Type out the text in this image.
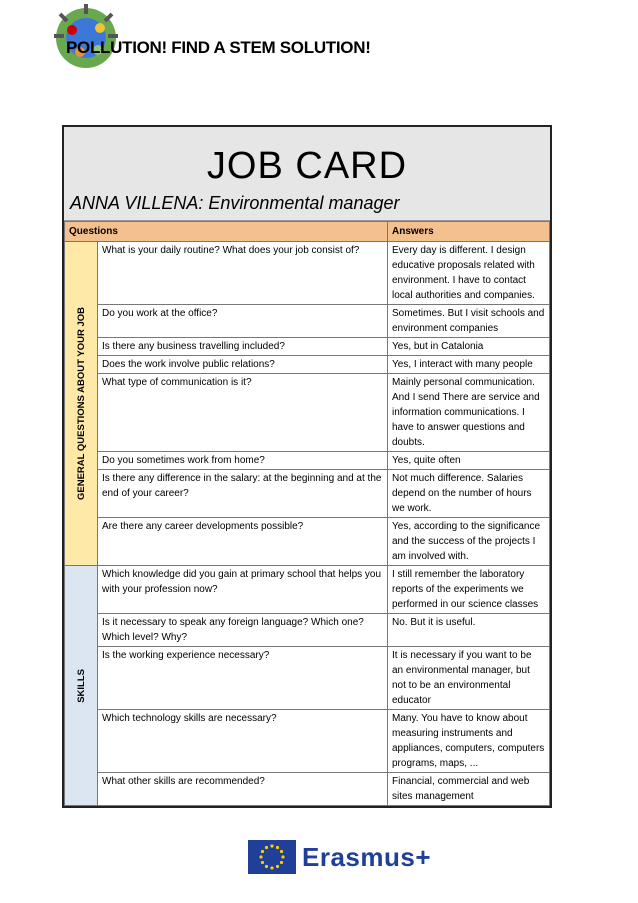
POLLUTION! FIND A STEM SOLUTION!
JOB CARD
ANNA VILLENA: Environmental manager
Questions		Answers

GENERAL QUESTIONS ABOUT YOUR JOB	What is your daily routine? What does your job consist of?	Every day is different. I design educative proposals related with environment. I have to contact local authorities and companies.
	Do you work at the office?	Sometimes. But I visit schools and environment companies
	Is there any business travelling included?	Yes, but in Catalonia
	Does the work involve public relations?	Yes, I interact with many people
	What type of communication is it?	Mainly personal communication. And I send There are service and information communications. I have to answer questions and doubts.
	Do you sometimes work from home?	Yes, quite often
	Is there any difference in the salary: at the beginning and at the end of your career?	Not much difference. Salaries depend on the number of hours we work.
	Are there any career developments possible?	Yes, according to the significance and the success of the projects I am involved with.

SKILLS	Which knowledge did you gain at primary school that helps you with your profession now?	I still remember the laboratory reports of the experiments we performed in our science classes
	Is it necessary to speak any foreign language? Which one? Which level? Why?	No. But it is useful.
	Is the working experience necessary?	It is necessary if you want to be an environmental manager, but not to be an environmental educator
	Which technology skills are necessary?	Many. You have to know about measuring instruments and appliances, computers, computers programs, maps, ...
	What other skills are recommended?	Financial, commercial and web sites management
Erasmus+
